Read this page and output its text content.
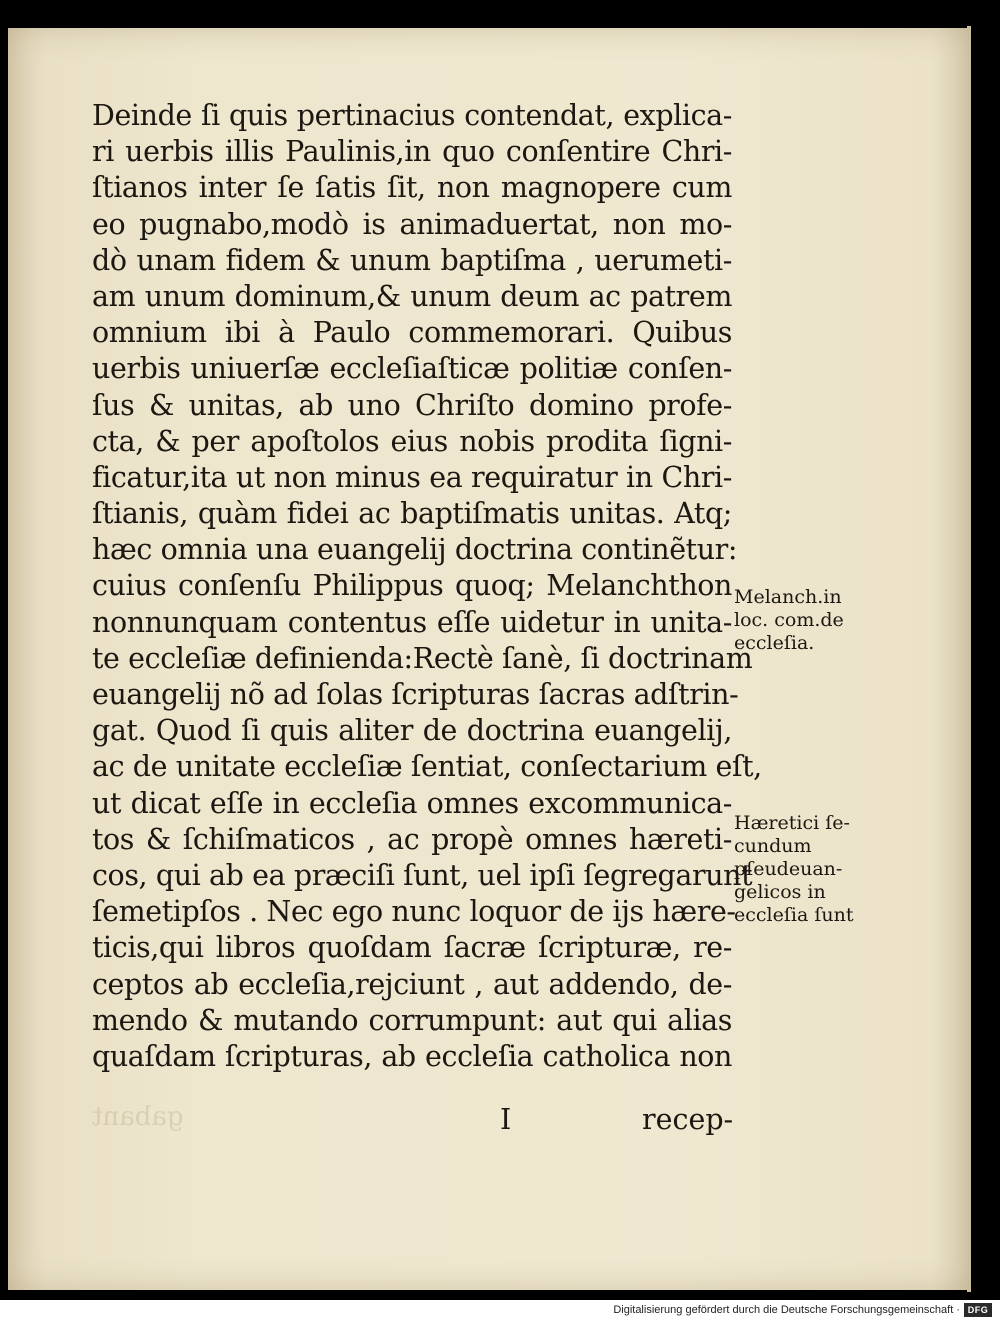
gabant
Deinde ſi quis pertinacius contendat, explica-
ri uerbis illis Paulinis,in quo conſentire Chri-
ſtianos inter ſe ſatis ſit, non magnopere cum
eo pugnabo,modò is animaduertat, non mo-
dò unam fidem & unum baptiſma , uerumeti-
am unum dominum,& unum deum ac patrem
omnium ibi à Paulo commemorari. Quibus
uerbis uniuerſæ eccleſiaſticæ politiæ conſen-
ſus & unitas, ab uno Chriſto domino profe-
cta, & per apoſtolos eius nobis prodita ſigni-
ficatur,ita ut non minus ea requiratur in Chri-
ſtianis, quàm fidei ac baptiſmatis unitas. Atq;
hæc omnia una euangelij doctrina continẽtur:
cuius conſenſu Philippus quoq; Melanchthon
nonnunquam contentus eſſe uidetur in unita-
te eccleſiæ definienda:Rectè ſanè, ſi doctrinam
euangelij nõ ad ſolas ſcripturas ſacras adſtrin-
gat. Quod ſi quis aliter de doctrina euangelij,
ac de unitate eccleſiæ ſentiat, conſectarium eſt,
ut dicat eſſe in eccleſia omnes excommunica-
tos & ſchiſmaticos , ac propè omnes hæreti-
cos, qui ab ea præciſi ſunt, uel ipſi ſegregarunt
ſemetipſos . Nec ego nunc loquor de ijs hære-
ticis,qui libros quoſdam ſacræ ſcripturæ, re-
ceptos ab eccleſia,rejciunt , aut addendo, de-
mendo & mutando corrumpunt: aut qui alias
quaſdam ſcripturas, ab eccleſia catholica non
I	recep-
Melanch.in
loc. com.de
eccleſia.
Hæretici ſe-
cundum
pſeudeuan-
gelicos in
eccleſia ſunt
Digitalisierung gefördert durch die Deutsche Forschungsgemeinschaft · DFG
